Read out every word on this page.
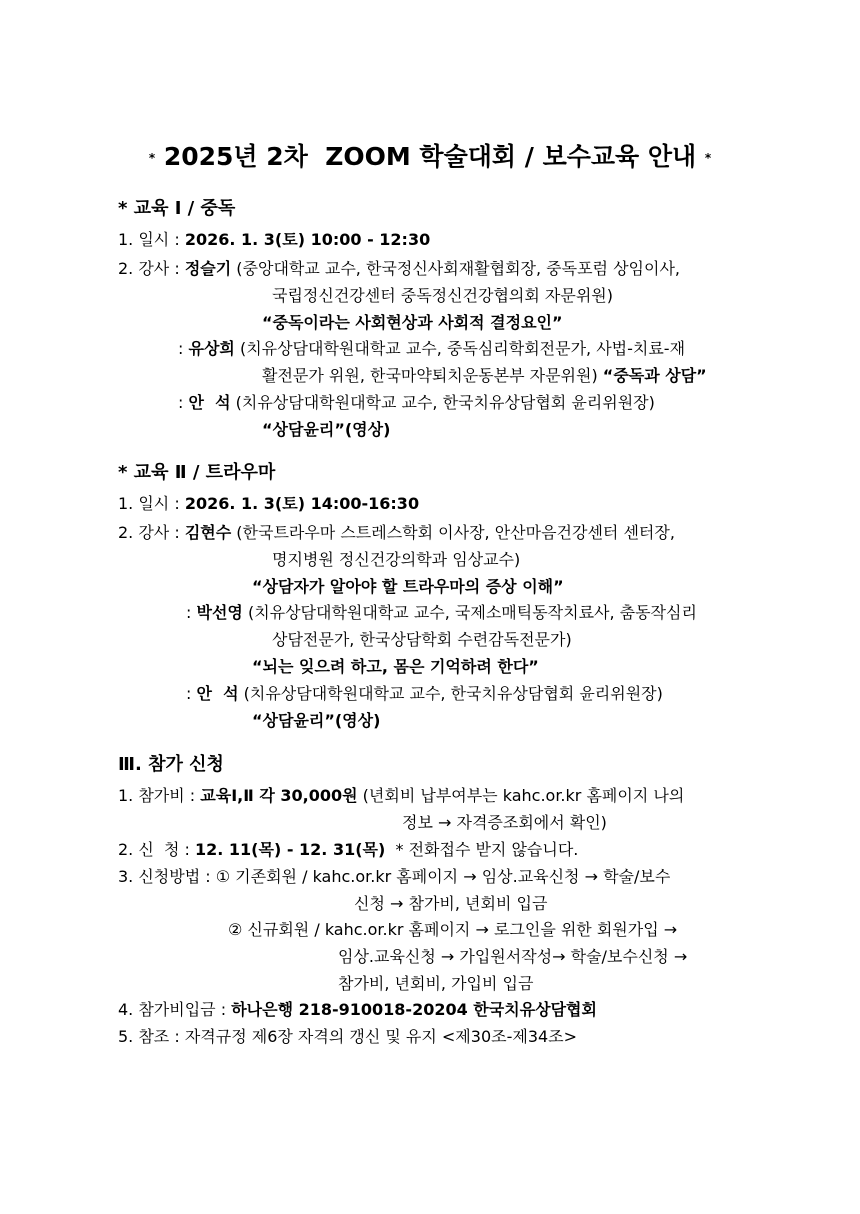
* 2025년 2차  ZOOM 학술대회 / 보수교육 안내 *
* 교육 Ⅰ / 중독
1. 일시 : 2026. 1. 3(토) 10:00 - 12:30
2. 강사 : 정슬기 (중앙대학교 교수, 한국정신사회재활협회장, 중독포럼 상임이사,
국립정신건강센터 중독정신건강협의회 자문위원)
“중독이라는 사회현상과 사회적 결정요인”
: 유상희 (치유상담대학원대학교 교수, 중독심리학회전문가, 사법-치료-재
활전문가 위원, 한국마약퇴치운동본부 자문위원) “중독과 상담”
: 안  석 (치유상담대학원대학교 교수, 한국치유상담협회 윤리위원장)
“상담윤리”(영상)
* 교육 Ⅱ / 트라우마
1. 일시 : 2026. 1. 3(토) 14:00-16:30
2. 강사 : 김현수 (한국트라우마 스트레스학회 이사장, 안산마음건강센터 센터장,
명지병원 정신건강의학과 임상교수)
“상담자가 알아야 할 트라우마의 증상 이해”
: 박선영 (치유상담대학원대학교 교수, 국제소매틱동작치료사, 춤동작심리
상담전문가, 한국상담학회 수련감독전문가)
“뇌는 잊으려 하고, 몸은 기억하려 한다”
: 안  석 (치유상담대학원대학교 교수, 한국치유상담협회 윤리위원장)
“상담윤리”(영상)
Ⅲ. 참가 신청
1. 참가비 : 교육Ⅰ,Ⅱ 각 30,000원 (년회비 납부여부는 kahc.or.kr 홈페이지 나의
정보 → 자격증조회에서 확인)
2. 신  청 : 12. 11(목) - 12. 31(목)  * 전화접수 받지 않습니다.
3. 신청방법 : ① 기존회원 / kahc.or.kr 홈페이지 → 임상.교육신청 → 학술/보수
신청 → 참가비, 년회비 입금
② 신규회원 / kahc.or.kr 홈페이지 → 로그인을 위한 회원가입 →
임상.교육신청 → 가입원서작성→ 학술/보수신청 →
참가비, 년회비, 가입비 입금
4. 참가비입금 : 하나은행 218-910018-20204 한국치유상담협회
5. 참조 : 자격규정 제6장 자격의 갱신 및 유지 <제30조-제34조>
